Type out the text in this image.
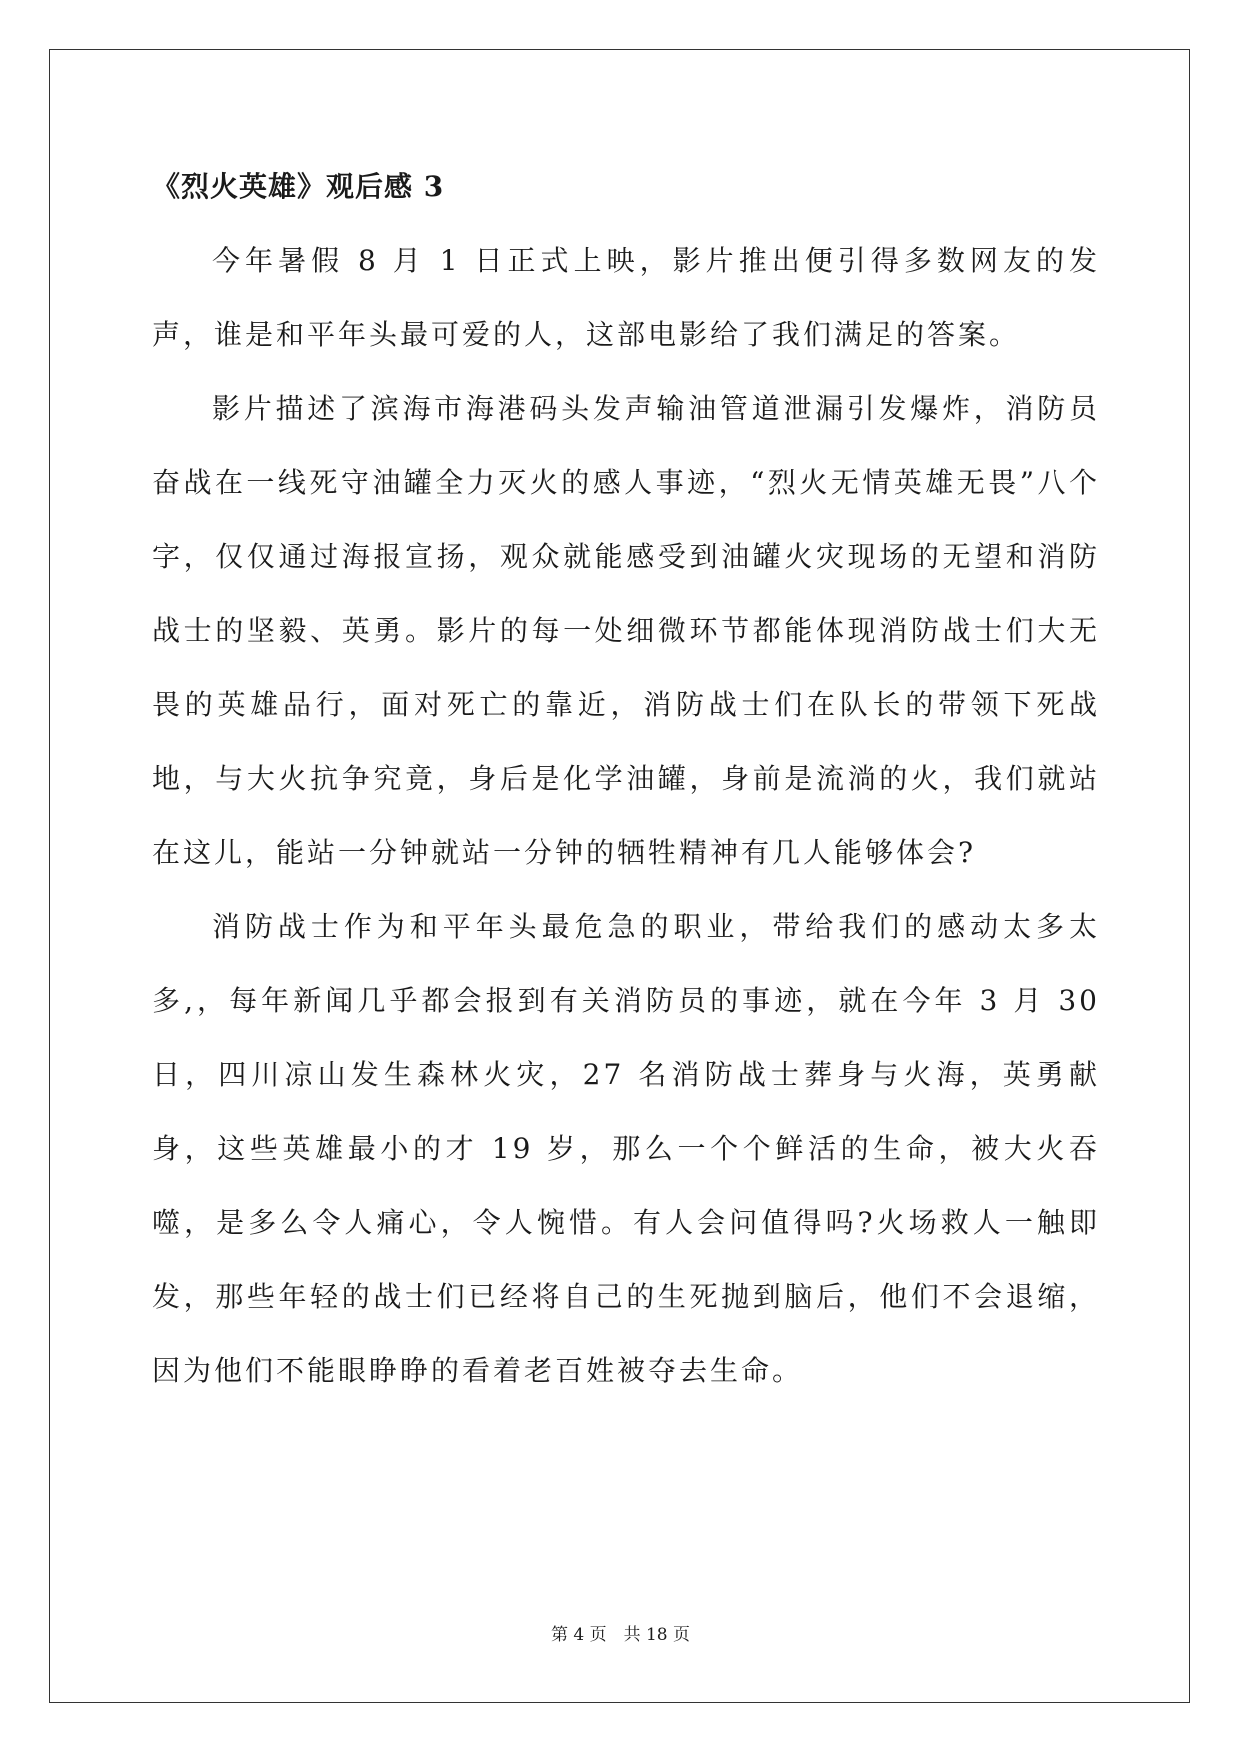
《烈火英雄》观后感 3

今年暑假 8 月 1 日正式上映，影片推出便引得多数网友的发声，谁是和平年头最可爱的人，这部电影给了我们满足的答案。

影片描述了滨海市海港码头发声输油管道泄漏引发爆炸，消防员奋战在一线死守油罐全力灭火的感人事迹，“烈火无情英雄无畏”八个字，仅仅通过海报宣扬，观众就能感受到油罐火灾现场的无望和消防战士的坚毅、英勇。影片的每一处细微环节都能体现消防战士们大无畏的英雄品行，面对死亡的靠近，消防战士们在队长的带领下死战地，与大火抗争究竟，身后是化学油罐，身前是流淌的火，我们就站在这儿，能站一分钟就站一分钟的牺牲精神有几人能够体会?

消防战士作为和平年头最危急的职业，带给我们的感动太多太多,，每年新闻几乎都会报到有关消防员的事迹，就在今年 3 月 30 日，四川凉山发生森林火灾，27 名消防战士葬身与火海，英勇献身，这些英雄最小的才 19 岁，那么一个个鲜活的生命，被大火吞噬，是多么令人痛心，令人惋惜。有人会问值得吗?火场救人一触即发，那些年轻的战士们已经将自己的生死抛到脑后，他们不会退缩，因为他们不能眼睁睁的看着老百姓被夺去生命。

第 4 页　共 18 页
